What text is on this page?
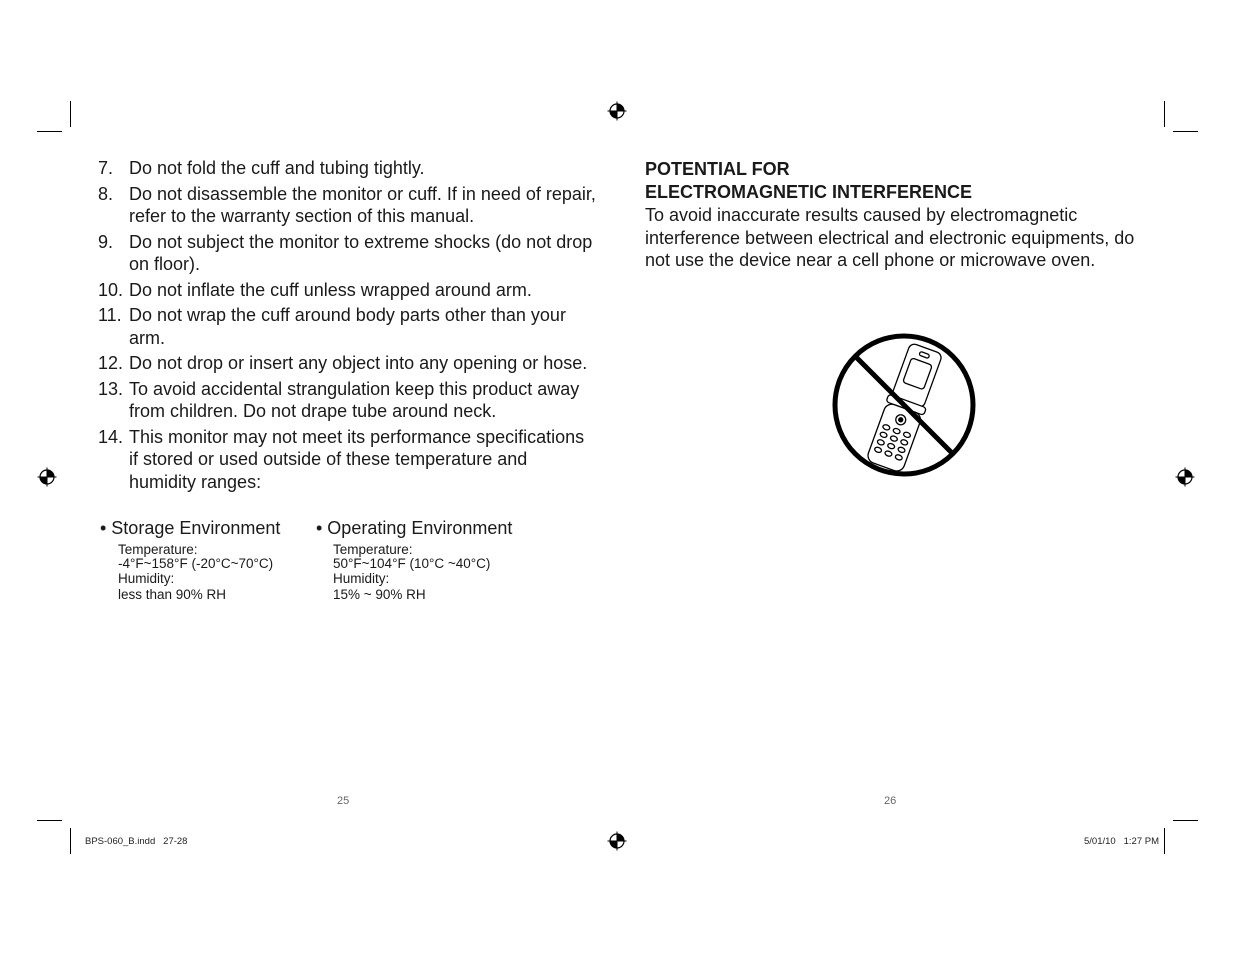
7. Do not fold the cuff and tubing tightly.
8. Do not disassemble the monitor or cuff. If in need of repair, refer to the warranty section of this manual.
9. Do not subject the monitor to extreme shocks (do not drop on floor).
10. Do not inflate the cuff unless wrapped around arm.
11. Do not wrap the cuff around body parts other than your arm.
12. Do not drop or insert any object into any opening or hose.
13. To avoid accidental strangulation keep this product away from children. Do not drape tube around neck.
14. This monitor may not meet its performance specifications if stored or used outside of these temperature and humidity ranges:
• Storage Environment • Operating Environment
Temperature:
-4°F~158°F (-20°C~70°C)
Humidity:
less than 90% RH
Temperature:
50°F~104°F (10°C ~40°C)
Humidity:
15% ~ 90% RH
25
POTENTIAL FOR
ELECTROMAGNETIC INTERFERENCE
To avoid inaccurate results caused by electromagnetic interference between electrical and electronic equipments, do not use the device near a cell phone or microwave oven.
26
BPS-060_B.indd   27-28	5/01/10   1:27 PM
